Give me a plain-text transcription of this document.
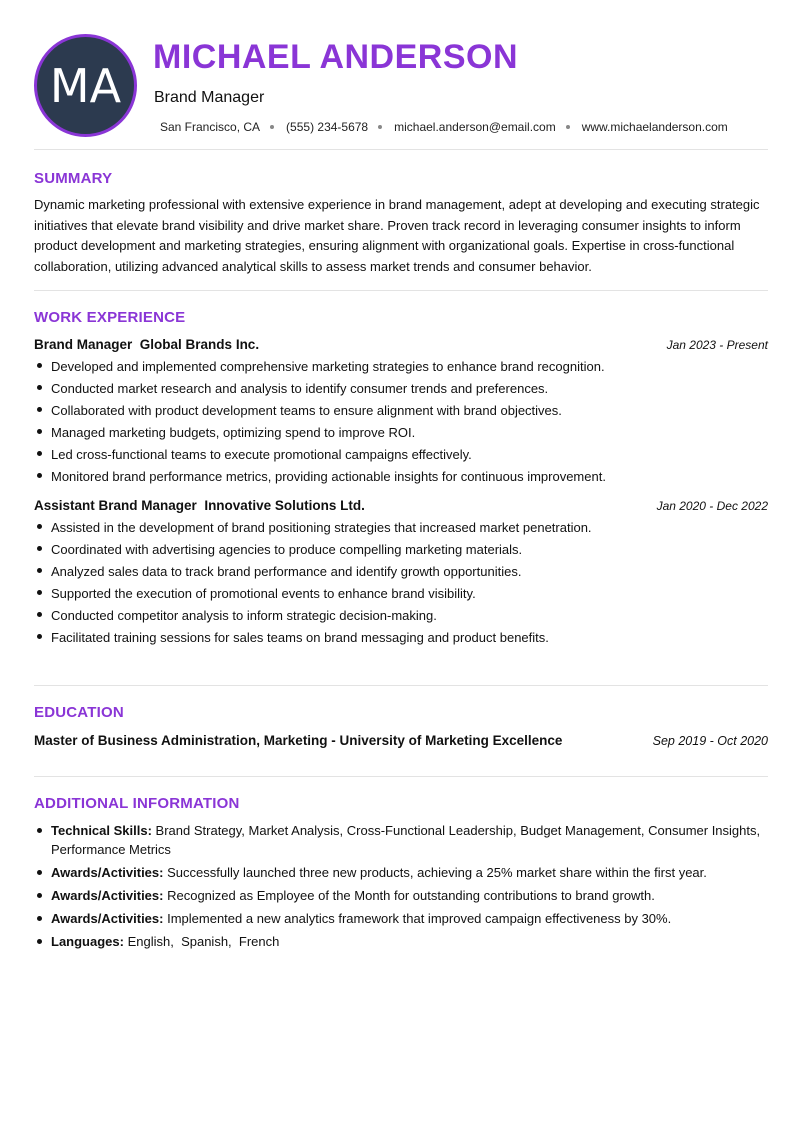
MA
MICHAEL ANDERSON
Brand Manager
San Francisco, CA (555) 234-5678 michael.anderson@email.com www.michaelanderson.com
SUMMARY
Dynamic marketing professional with extensive experience in brand management, adept at developing and executing strategic initiatives that elevate brand visibility and drive market share. Proven track record in leveraging consumer insights to inform product development and marketing strategies, ensuring alignment with organizational goals. Expertise in cross-functional collaboration, utilizing advanced analytical skills to assess market trends and consumer behavior.
WORK EXPERIENCE
Brand Manager Global Brands Inc.	Jan 2023 - Present
Developed and implemented comprehensive marketing strategies to enhance brand recognition.
Conducted market research and analysis to identify consumer trends and preferences.
Collaborated with product development teams to ensure alignment with brand objectives.
Managed marketing budgets, optimizing spend to improve ROI.
Led cross-functional teams to execute promotional campaigns effectively.
Monitored brand performance metrics, providing actionable insights for continuous improvement.
Assistant Brand Manager Innovative Solutions Ltd.	Jan 2020 - Dec 2022
Assisted in the development of brand positioning strategies that increased market penetration.
Coordinated with advertising agencies to produce compelling marketing materials.
Analyzed sales data to track brand performance and identify growth opportunities.
Supported the execution of promotional events to enhance brand visibility.
Conducted competitor analysis to inform strategic decision-making.
Facilitated training sessions for sales teams on brand messaging and product benefits.
EDUCATION
Master of Business Administration, Marketing - University of Marketing Excellence	Sep 2019 - Oct 2020
ADDITIONAL INFORMATION
Technical Skills: Brand Strategy, Market Analysis, Cross-Functional Leadership, Budget Management, Consumer Insights, Performance Metrics
Awards/Activities: Successfully launched three new products, achieving a 25% market share within the first year.
Awards/Activities: Recognized as Employee of the Month for outstanding contributions to brand growth.
Awards/Activities: Implemented a new analytics framework that improved campaign effectiveness by 30%.
Languages: English,  Spanish,  French
